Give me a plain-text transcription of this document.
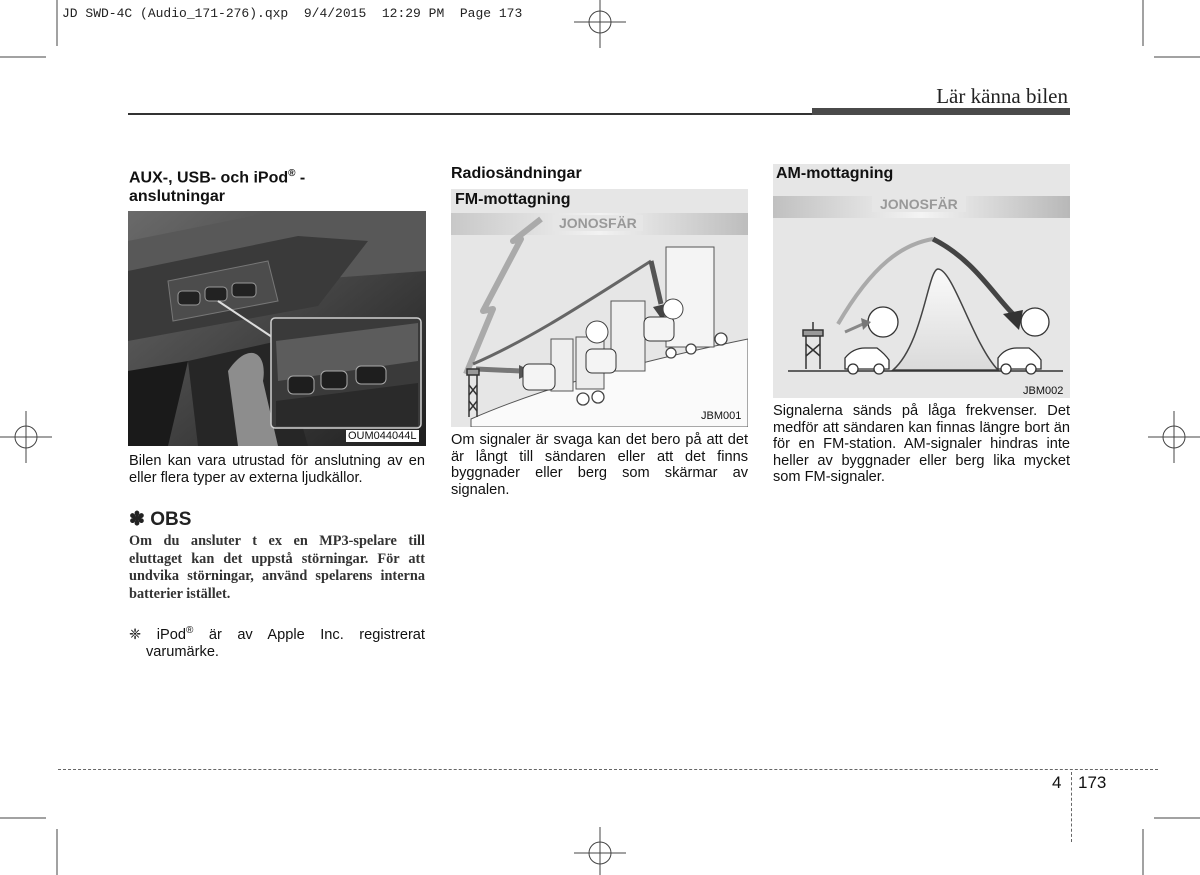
JD SWD-4C (Audio_171-276).qxp  9/4/2015  12:29 PM  Page 173
Lär känna bilen
AUX-, USB- och iPod® -
anslutningar
OUM044044L
Bilen kan vara utrustad för anslutning av en eller flera typer av externa ljudkällor.
✽ OBS
Om du ansluter t ex en MP3-spelare till eluttaget kan det uppstå störningar. För att undvika störningar, använd spelarens interna batterier istället.
❈ iPod® är av Apple Inc. registrerat varumärke.
Radiosändningar
FM-mottagning
JONOSFÄR
JBM001
Om signaler är svaga kan det bero på att det är långt till sändaren eller att det finns byggnader eller berg som skärmar av signalen.
AM-mottagning
JONOSFÄR
JBM002
Signalerna sänds på låga frekvenser. Det medför att sändaren kan finnas längre bort än för en FM-station. AM-signaler hindras inte heller av byggnader eller berg lika mycket som FM-signaler.
4 173
